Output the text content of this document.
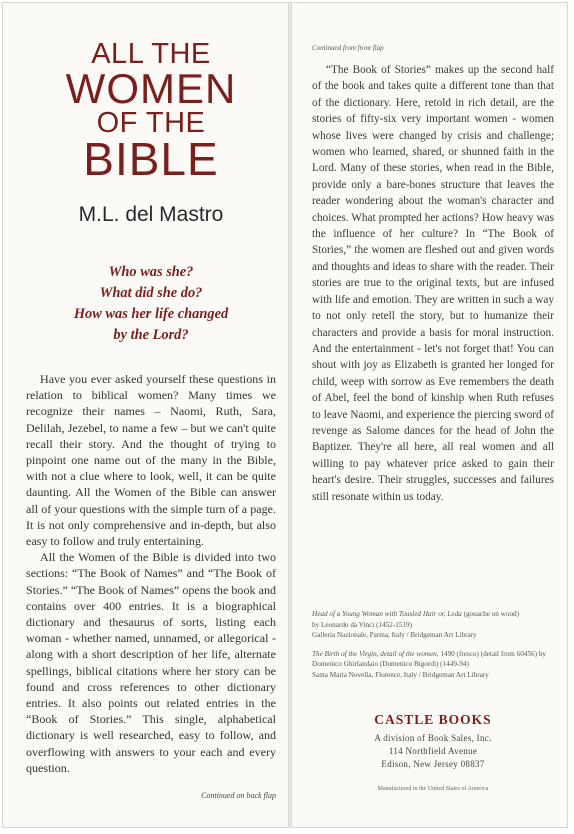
ALL THE
WOMEN
OF THE
BIBLE
M.L. del Mastro
Who was she?
What did she do?
How was her life changed
by the Lord?

Have you ever asked yourself these questions in relation to biblical women? Many times we recognize their names – Naomi, Ruth, Sara, Delilah, Jezebel, to name a few – but we can't quite recall their story. And the thought of trying to pinpoint one name out of the many in the Bible, with not a clue where to look, well, it can be quite daunting. All the Women of the Bible can answer all of your questions with the simple turn of a page. It is not only comprehensive and in-depth, but also easy to follow and truly entertaining.

All the Women of the Bible is divided into two sections: “The Book of Names” and “The Book of Stories.” “The Book of Names” opens the book and contains over 400 entries. It is a biographical dictionary and thesaurus of sorts, listing each woman - whether named, unnamed, or allegorical - along with a short description of her life, alternate spellings, biblical citations where her story can be found and cross references to other dictionary entries. It also points out related entries in the “Book of Stories.” This single, alphabetical dictionary is well researched, easy to follow, and overflowing with answers to your each and every question.

Continued on back flap
Continued from front flap

“The Book of Stories” makes up the second half of the book and takes quite a different tone than that of the dictionary. Here, retold in rich detail, are the stories of fifty-six very important women - women whose lives were changed by crisis and challenge; women who learned, shared, or shunned faith in the Lord. Many of these stories, when read in the Bible, provide only a bare-bones structure that leaves the reader wondering about the woman's character and choices. What prompted her actions? How heavy was the influence of her culture? In “The Book of Stories,” the women are fleshed out and given words and thoughts and ideas to share with the reader. Their stories are true to the original texts, but are infused with life and emotion. They are written in such a way to not only retell the story, but to humanize their characters and provide a basis for moral instruction. And the entertainment - let's not forget that! You can shout with joy as Elizabeth is granted her longed for child, weep with sorrow as Eve remembers the death of Abel, feel the bond of kinship when Ruth refuses to leave Naomi, and experience the piercing sword of revenge as Salome dances for the head of John the Baptizer. They're all here, all real women and all willing to pay whatever price asked to gain their heart's desire. Their struggles, successes and failures still resonate within us today.

Head of a Young Woman with Tousled Hair or, Leda (gouache on wood)
by Leonardo da Vinci (1452-1519)
Galleria Nazionale, Parma, Italy / Bridgeman Art Library

The Birth of the Virgin, detail of the women, 1490 (fresco) (detail from 60456) by Domenico Ghirlandaio (Domenico Bigordi) (1449-94)
Santa Maria Novella, Florence, Italy / Bridgeman Art Library

CASTLE BOOKS
A division of Book Sales, Inc.
114 Northfield Avenue
Edison, New Jersey 08837
Manufactured in the United States of America
